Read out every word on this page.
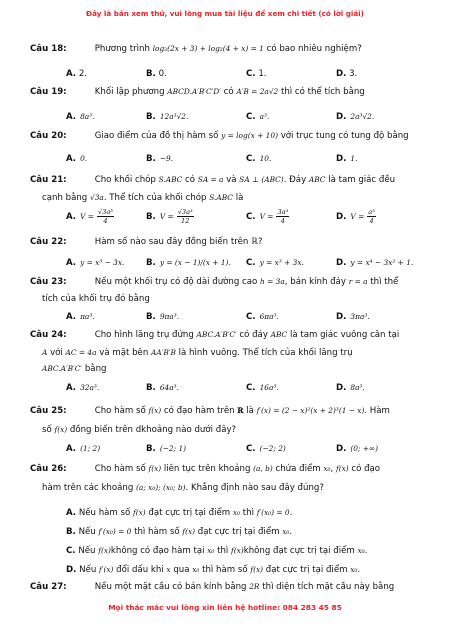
Đây là bản xem thử, vui lòng mua tài liệu để xem chi tiết (có lời giải)
Câu 18:	Phương trình log₂(2x + 3) + log₂(4 + x) = 1 có bao nhiêu nghiệm?
A. 2.	B. 0.	C. 1.	D. 3.
Câu 19:	Khối lập phương ABCD.A′B′C′D′ có A′B = 2a√2 thì có thể tích bằng
A. 8a³.	B. 12a³√2.	C. a³.	D. 2a³√2.
Câu 20:	Giao điểm của đồ thị hàm số y = log(x + 10) với trục tung có tung độ bằng
A. 0.	B. −9.	C. 10.	D. 1.
Câu 21:	Cho khối chóp S.ABC có SA = a và SA ⊥ (ABC). Đáy ABC là tam giác đều
cạnh bằng √3a. Thể tích của khối chóp S.ABC là
A. $V = \frac{\text{√3a³}}{4}$	B. $V = \frac{\text{√3a³}}{12}$	C. $V = \frac{\text{3a³}}{4}$	D. $V = \frac{\text{a³}}{4}$
Câu 22:	Hàm số nào sau đây đồng biến trên ℝ?
A. y = x³ − 3x.	B. y = (x − 1)/(x + 1). C. y = x³ + 3x.	D. y = x⁴ − 3x² + 1.
Câu 23:	Nếu một khối trụ có độ dài đường cao h = 3a, bán kính đáy r = a thì thể
tích của khối trụ đó bằng
A. πa³.	B. 9πa³.	C. 6πa³.	D. 3πa³.
Câu 24:	Cho hình lăng trụ đứng ABC.A′B′C′ có đáy ABC là tam giác vuông cân tại
A với AC = 4a và mặt bên AA′B′B là hình vuông. Thể tích của khối lăng trụ
ABC.A′B′C′ bằng
A. 32a³.	B. 64a³.	C. 16a³.	D. 8a³.
Câu 25:	Cho hàm số f(x) có đạo hàm trên ℝ là f′(x) = (2 − x)²(x + 2)³(1 − x). Hàm
số f(x) đồng biến trên dkhoảng nào dưới đây?
A. (1; 2)	B. (−2; 1)	C. (−2; 2)	D. (0; +∞)
Câu 26:	Cho hàm số f(x) liên tục trên khoảng (a, b) chứa điểm x₀, f(x) có đạo
hàm trên các khoảng (a; x₀); (x₀; b). Khẳng định nào sau đây đúng?
A. Nếu hàm số f(x) đạt cực trị tại điểm x₀ thì f′(x₀) = 0.
B. Nếu f′(x₀) = 0 thì hàm số f(x) đạt cực trị tại điểm x₀.
C. Nếu f(x)không có đạo hàm tại x₀ thì f(x)không đạt cực trị tại điểm x₀.
D. Nếu f′(x) đổi dấu khi x qua x₀ thì hàm số f(x) đạt cực trị tại điểm x₀.
Câu 27:	Nếu một mặt cầu có bán kính bằng 2R thì diện tích mặt cầu này bằng
Mọi thắc mắc vui lòng xin liên hệ hotline: 084 283 45 85
